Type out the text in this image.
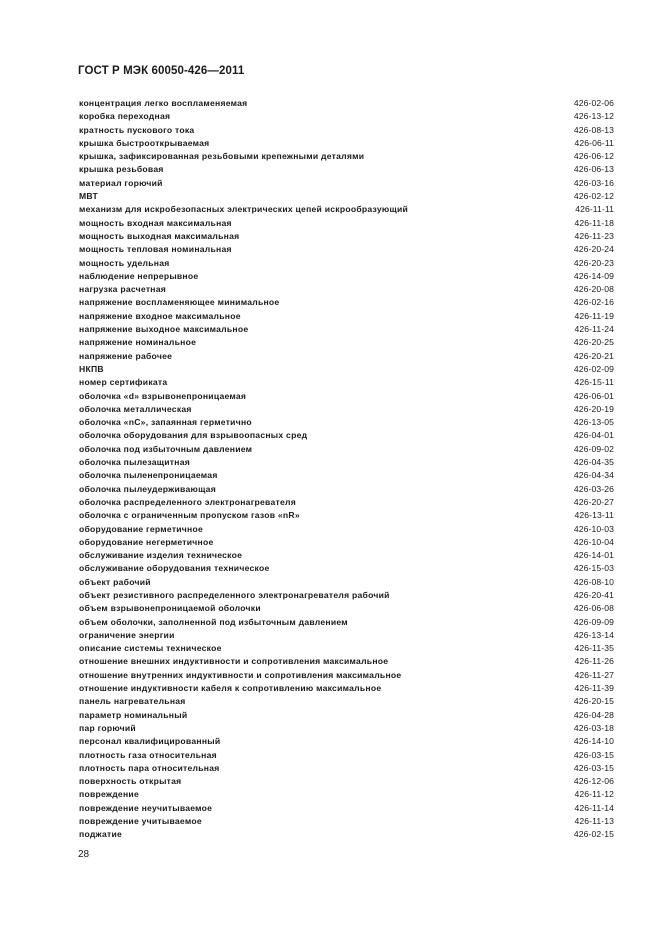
ГОСТ Р МЭК 60050-426—2011
концентрация легко воспламеняемая	426-02-06
коробка переходная	426-13-12
кратность пускового тока	426-08-13
крышка быстрооткрываемая	426-06-11
крышка, зафиксированная резьбовыми крепежными деталями	426-06-12
крышка резьбовая	426-06-13
материал горючий	426-03-16
МВТ	426-02-12
механизм для искробезопасных электрических цепей искрообразующий	426-11-11
мощность входная максимальная	426-11-18
мощность выходная максимальная	426-11-23
мощность тепловая номинальная	426-20-24
мощность удельная	426-20-23
наблюдение непрерывное	426-14-09
нагрузка расчетная	426-20-08
напряжение воспламеняющее минимальное	426-02-16
напряжение входное максимальное	426-11-19
напряжение выходное максимальное	426-11-24
напряжение номинальное	426-20-25
напряжение рабочее	426-20-21
НКПВ	426-02-09
номер сертификата	426-15-11
оболочка «d» взрывонепроницаемая	426-06-01
оболочка металлическая	426-20-19
оболочка «nC», запаянная герметично	426-13-05
оболочка оборудования для взрывоопасных сред	426-04-01
оболочка под избыточным давлением	426-09-02
оболочка пылезащитная	426-04-35
оболочка пыленепроницаемая	426-04-34
оболочка пылеудерживающая	426-03-26
оболочка распределенного электронагревателя	426-20-27
оболочка с ограниченным пропуском газов «nR»	426-13-11
оборудование герметичное	426-10-03
оборудование негерметичное	426-10-04
обслуживание изделия техническое	426-14-01
обслуживание оборудования техническое	426-15-03
объект рабочий	426-08-10
объект резистивного распределенного электронагревателя рабочий	426-20-41
объем взрывонепроницаемой оболочки	426-06-08
объем оболочки, заполненной под избыточным давлением	426-09-09
ограничение энергии	426-13-14
описание системы техническое	426-11-35
отношение внешних индуктивности и сопротивления максимальное	426-11-26
отношение внутренних индуктивности и сопротивления максимальное	426-11-27
отношение индуктивности кабеля к сопротивлению максимальное	426-11-39
панель нагревательная	426-20-15
параметр номинальный	426-04-28
пар горючий	426-03-18
персонал квалифицированный	426-14-10
плотность газа относительная	426-03-15
плотность пара относительная	426-03-15
поверхность открытая	426-12-06
повреждение	426-11-12
повреждение неучитываемое	426-11-14
повреждение учитываемое	426-11-13
поджатие	426-02-15
28
